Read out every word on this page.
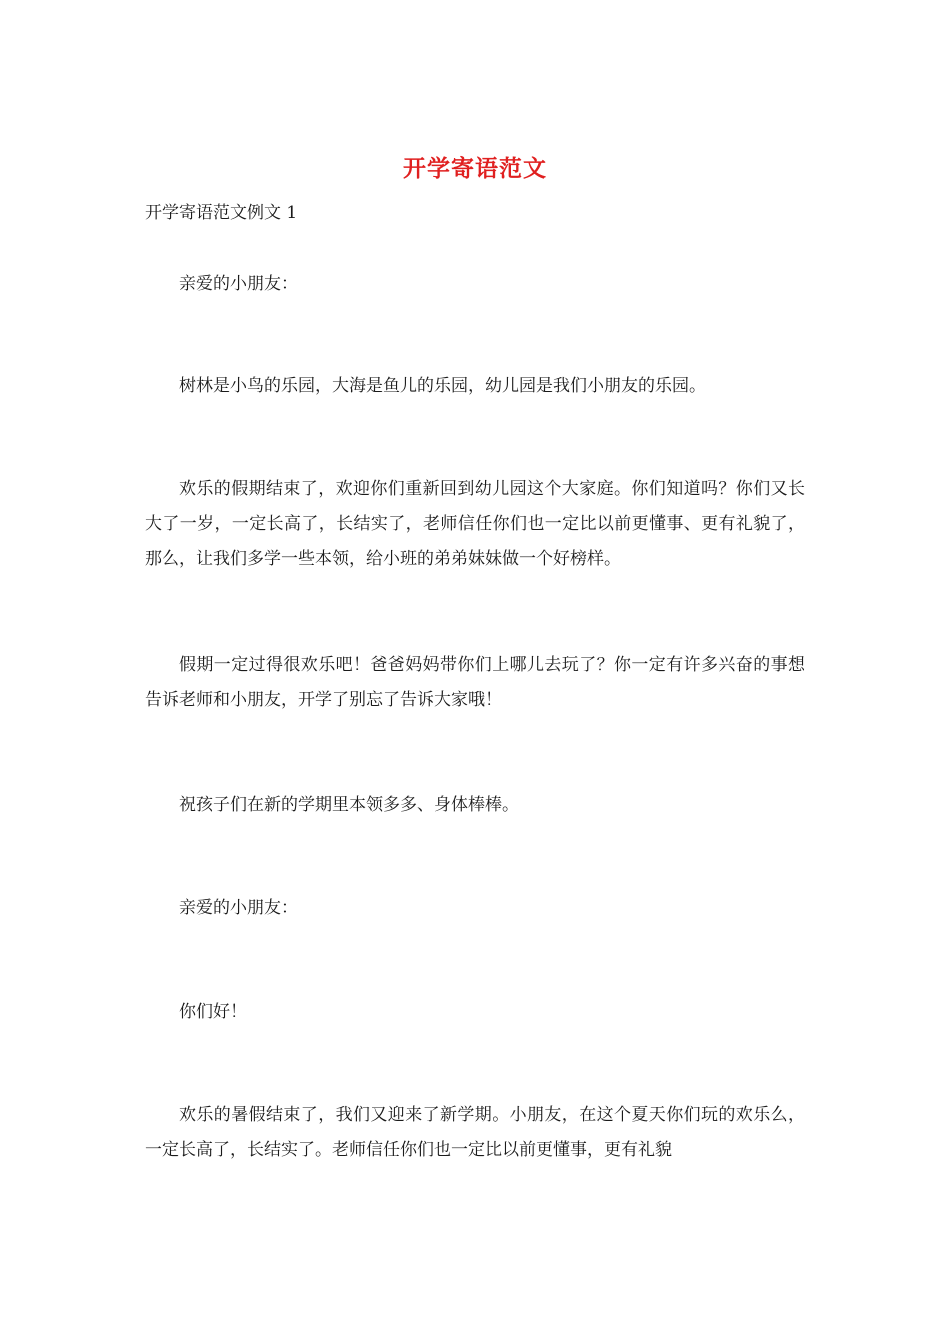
开学寄语范文
开学寄语范文例文 1

亲爱的小朋友：

树林是小鸟的乐园，大海是鱼儿的乐园，幼儿园是我们小朋友的乐园。

欢乐的假期结束了，欢迎你们重新回到幼儿园这个大家庭。你们知道吗？你们又长大了一岁，一定长高了，长结实了，老师信任你们也一定比以前更懂事、更有礼貌了，那么，让我们多学一些本领，给小班的弟弟妹妹做一个好榜样。

假期一定过得很欢乐吧！爸爸妈妈带你们上哪儿去玩了？你一定有许多兴奋的事想告诉老师和小朋友，开学了别忘了告诉大家哦！

祝孩子们在新的学期里本领多多、身体棒棒。

亲爱的小朋友：

你们好！

欢乐的暑假结束了，我们又迎来了新学期。小朋友，在这个夏天你们玩的欢乐么，一定长高了，长结实了。老师信任你们也一定比以前更懂事，更有礼貌
